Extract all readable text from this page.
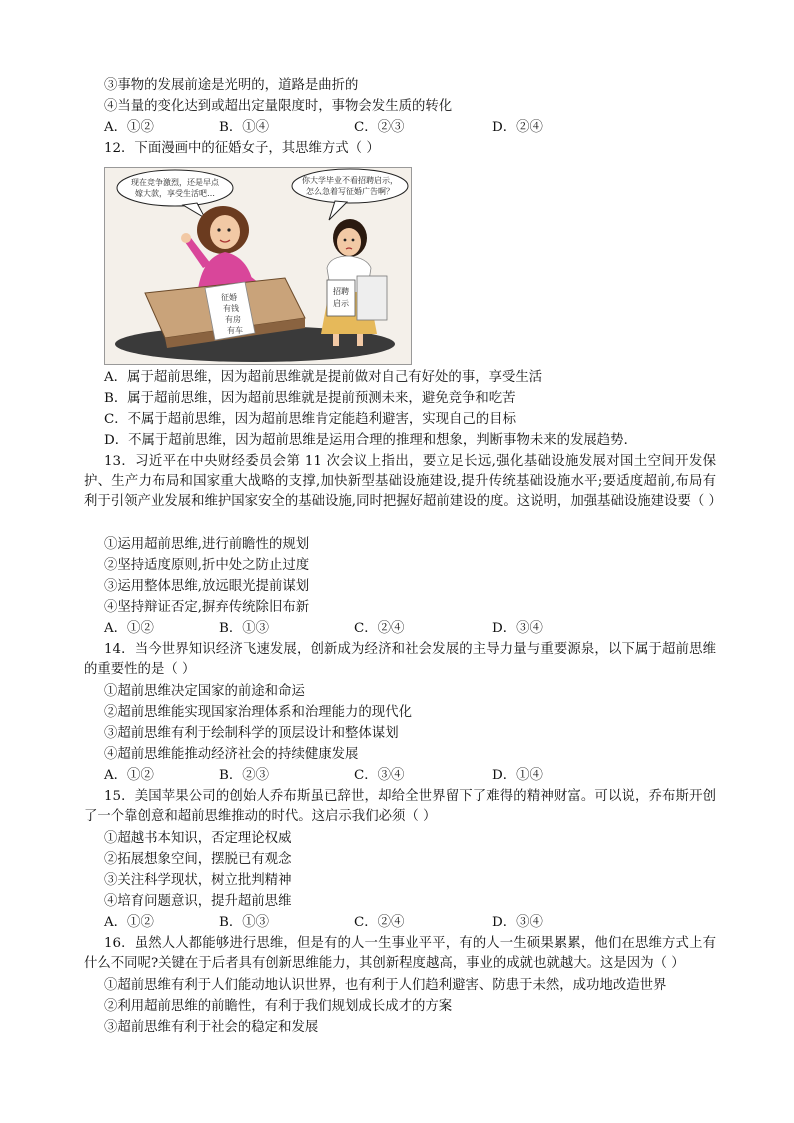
③事物的发展前途是光明的，道路是曲折的
④当量的变化达到或超出定量限度时，事物会发生质的转化
A．①②	B．①④	C．②③	D．②④
12．下面漫画中的征婚女子，其思维方式（ ）
现在竞争激烈，还是早点
嫁大款，享受生活吧…
你大学毕业不看招聘启示，
怎么急着写征婚广告啊？
征婚
有钱
有房
有车
招聘
启示
A．属于超前思维，因为超前思维就是提前做对自己有好处的事，享受生活
B．属于超前思维，因为超前思维就是提前预测未来，避免竞争和吃苦
C．不属于超前思维，因为超前思维肯定能趋利避害，实现自己的目标
D．不属于超前思维，因为超前思维是运用合理的推理和想象，判断事物未来的发展趋势．
13．习近平在中央财经委员会第 11 次会议上指出，要立足长远,强化基础设施发展对国土空间开发保护、生产力布局和国家重大战略的支撑,加快新型基础设施建设,提升传统基础设施水平;要适度超前,布局有利于引领产业发展和维护国家安全的基础设施,同时把握好超前建设的度。这说明，加强基础设施建设要（ ）
①运用超前思维,进行前瞻性的规划
②坚持适度原则,折中处之防止过度
③运用整体思维,放远眼光提前谋划
④坚持辩证否定,摒弃传统除旧布新
A．①②	B．①③	C．②④	D．③④
14．当今世界知识经济飞速发展，创新成为经济和社会发展的主导力量与重要源泉，以下属于超前思维的重要性的是（ ）
①超前思维决定国家的前途和命运
②超前思维能实现国家治理体系和治理能力的现代化
③超前思维有利于绘制科学的顶层设计和整体谋划
④超前思维能推动经济社会的持续健康发展
A．①②	B．②③	C．③④	D．①④
15．美国苹果公司的创始人乔布斯虽已辞世，却给全世界留下了难得的精神财富。可以说，乔布斯开创了一个靠创意和超前思维推动的时代。这启示我们必须（ ）
①超越书本知识，否定理论权威
②拓展想象空间，摆脱已有观念
③关注科学现状，树立批判精神
④培育问题意识，提升超前思维
A．①②	B．①③	C．②④	D．③④
16．虽然人人都能够进行思维，但是有的人一生事业平平，有的人一生硕果累累，他们在思维方式上有什么不同呢?关键在于后者具有创新思维能力，其创新程度越高，事业的成就也就越大。这是因为（ ）
①超前思维有利于人们能动地认识世界，也有利于人们趋利避害、防患于未然，成功地改造世界
②利用超前思维的前瞻性，有利于我们规划成长成才的方案
③超前思维有利于社会的稳定和发展
